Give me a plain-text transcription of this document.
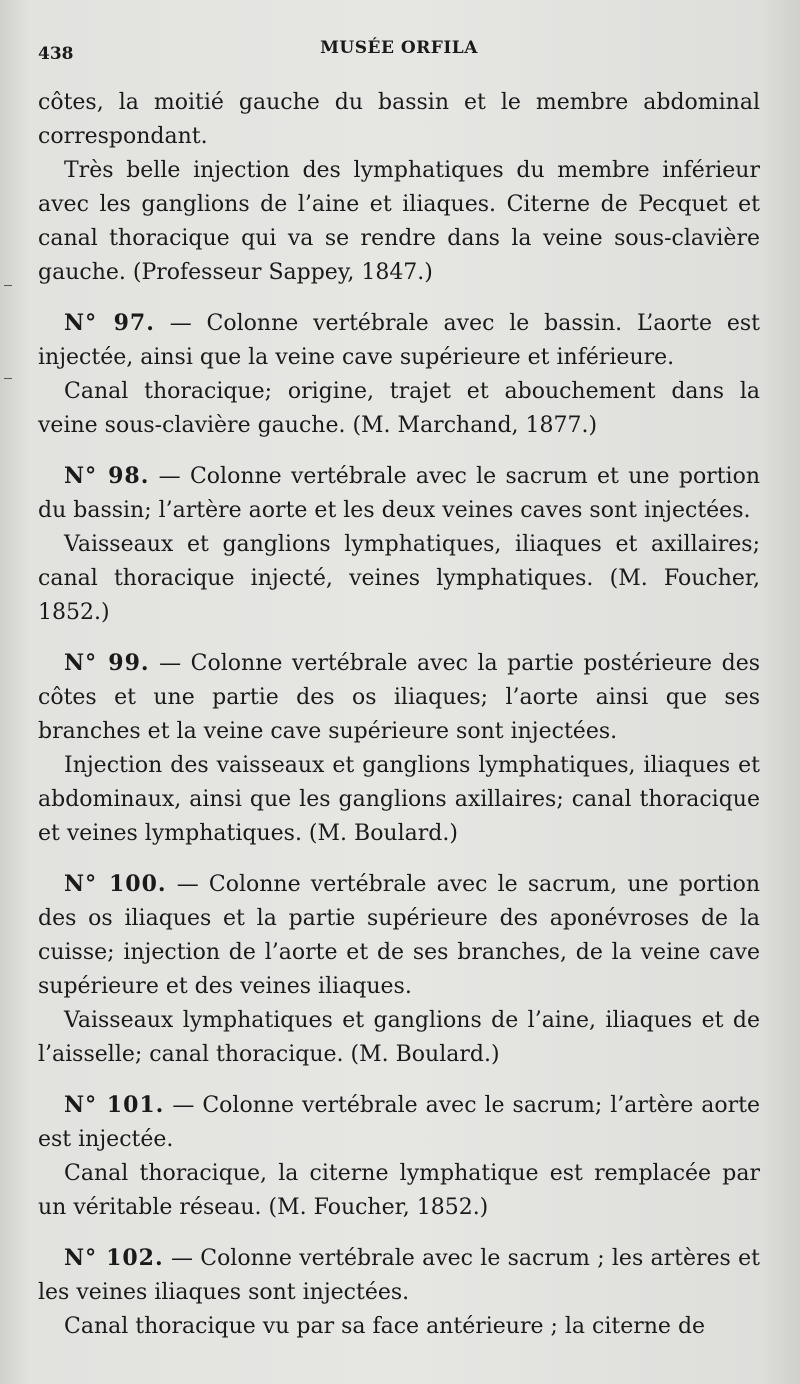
438	MUSÉE ORFILA

côtes, la moitié gauche du bassin et le membre abdominal correspondant.

Très belle injection des lymphatiques du membre inférieur avec les ganglions de l’aine et iliaques. Citerne de Pecquet et canal thoracique qui va se rendre dans la veine sous-clavière gauche. (Professeur Sappey, 1847.)

N° 97. — Colonne vertébrale avec le bassin. L’aorte est injectée, ainsi que la veine cave supérieure et inférieure.

Canal thoracique; origine, trajet et abouchement dans la veine sous-clavière gauche. (M. Marchand, 1877.)

N° 98. — Colonne vertébrale avec le sacrum et une portion du bassin; l’artère aorte et les deux veines caves sont injectées.

Vaisseaux et ganglions lymphatiques, iliaques et axillaires; canal thoracique injecté, veines lymphatiques. (M. Foucher, 1852.)

N° 99. — Colonne vertébrale avec la partie postérieure des côtes et une partie des os iliaques; l’aorte ainsi que ses branches et la veine cave supérieure sont injectées.

Injection des vaisseaux et ganglions lymphatiques, iliaques et abdominaux, ainsi que les ganglions axillaires; canal thoracique et veines lymphatiques. (M. Boulard.)

N° 100. — Colonne vertébrale avec le sacrum, une portion des os iliaques et la partie supérieure des aponévroses de la cuisse; injection de l’aorte et de ses branches, de la veine cave supérieure et des veines iliaques.

Vaisseaux lymphatiques et ganglions de l’aine, iliaques et de l’aisselle; canal thoracique. (M. Boulard.)

N° 101. — Colonne vertébrale avec le sacrum; l’artère aorte est injectée.

Canal thoracique, la citerne lymphatique est remplacée par un véritable réseau. (M. Foucher, 1852.)

N° 102. — Colonne vertébrale avec le sacrum ; les artères et les veines iliaques sont injectées.

Canal thoracique vu par sa face antérieure ; la citerne de
